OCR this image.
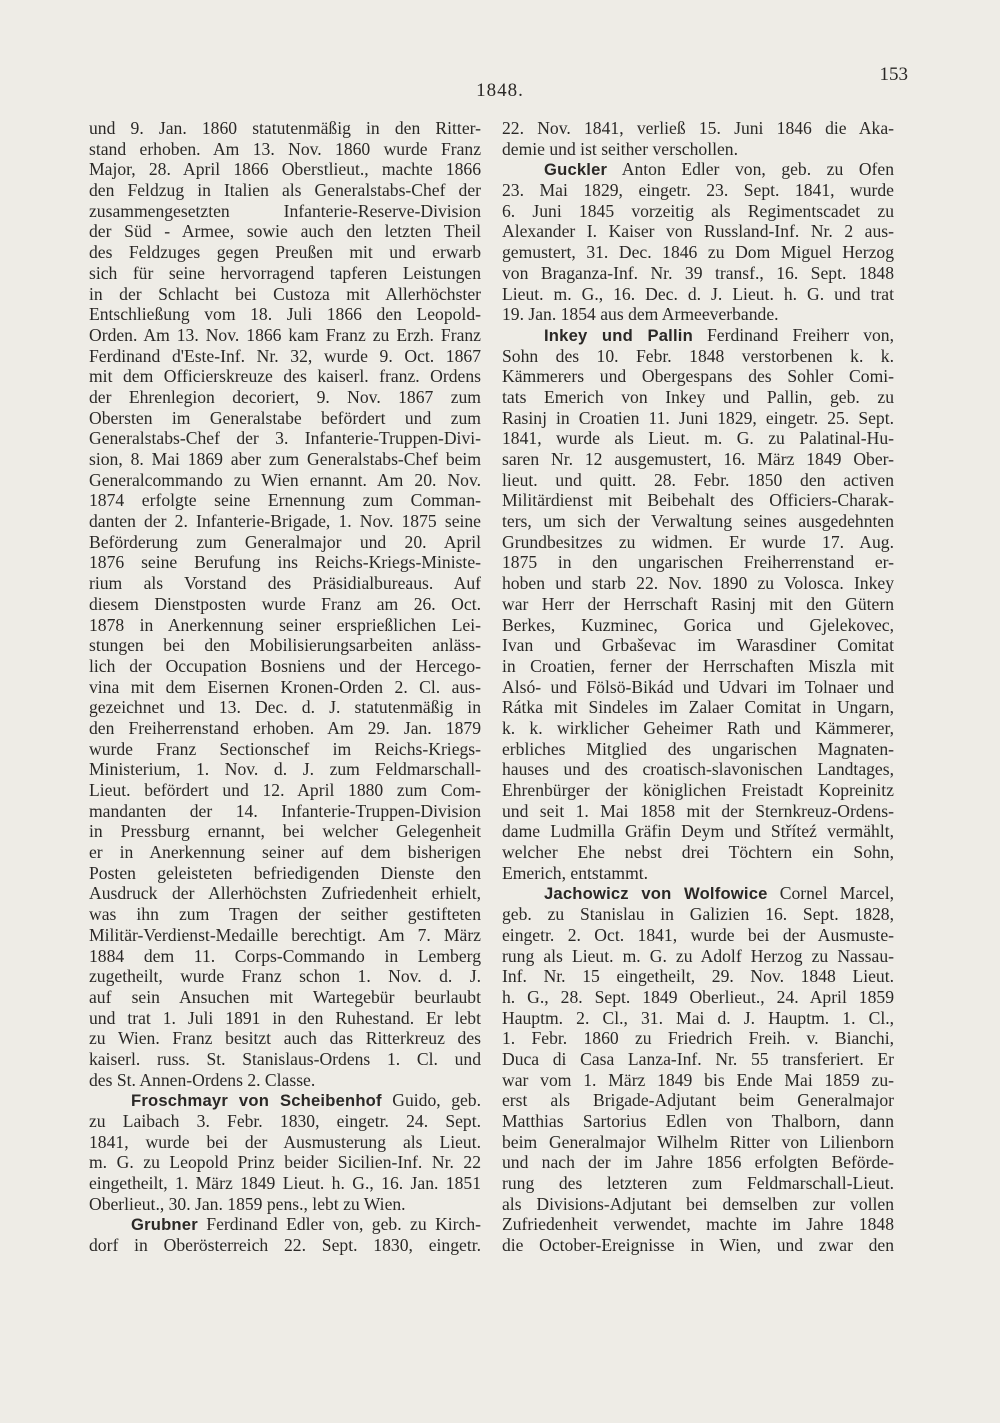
1848.
153
und 9. Jan. 1860 statutenmäßig in den Ritter-
stand erhoben. Am 13. Nov. 1860 wurde Franz
Major, 28. April 1866 Oberstlieut., machte 1866
den Feldzug in Italien als Generalstabs-Chef der
zusammengesetzten Infanterie-Reserve-Division
der Süd - Armee, sowie auch den letzten Theil
des Feldzuges gegen Preußen mit und erwarb
sich für seine hervorragend tapferen Leistungen
in der Schlacht bei Custoza mit Allerhöchster
Entschließung vom 18. Juli 1866 den Leopold-
Orden. Am 13. Nov. 1866 kam Franz zu Erzh. Franz
Ferdinand d'Este-Inf. Nr. 32, wurde 9. Oct. 1867
mit dem Officierskreuze des kaiserl. franz. Ordens
der Ehrenlegion decoriert, 9. Nov. 1867 zum
Obersten im Generalstabe befördert und zum
Generalstabs-Chef der 3. Infanterie-Truppen-Divi-
sion, 8. Mai 1869 aber zum Generalstabs-Chef beim
Generalcommando zu Wien ernannt. Am 20. Nov.
1874 erfolgte seine Ernennung zum Comman-
danten der 2. Infanterie-Brigade, 1. Nov. 1875 seine
Beförderung zum Generalmajor und 20. April
1876 seine Berufung ins Reichs-Kriegs-Ministe-
rium als Vorstand des Präsidialbureaus. Auf
diesem Dienstposten wurde Franz am 26. Oct.
1878 in Anerkennung seiner ersprießlichen Lei-
stungen bei den Mobilisierungsarbeiten anläss-
lich der Occupation Bosniens und der Hercego-
vina mit dem Eisernen Kronen-Orden 2. Cl. aus-
gezeichnet und 13. Dec. d. J. statutenmäßig in
den Freiherrenstand erhoben. Am 29. Jan. 1879
wurde Franz Sectionschef im Reichs-Kriegs-
Ministerium, 1. Nov. d. J. zum Feldmarschall-
Lieut. befördert und 12. April 1880 zum Com-
mandanten der 14. Infanterie-Truppen-Division
in Pressburg ernannt, bei welcher Gelegenheit
er in Anerkennung seiner auf dem bisherigen
Posten geleisteten befriedigenden Dienste den
Ausdruck der Allerhöchsten Zufriedenheit erhielt,
was ihn zum Tragen der seither gestifteten
Militär-Verdienst-Medaille berechtigt. Am 7. März
1884 dem 11. Corps-Commando in Lemberg
zugetheilt, wurde Franz schon 1. Nov. d. J.
auf sein Ansuchen mit Wartegebür beurlaubt
und trat 1. Juli 1891 in den Ruhestand. Er lebt
zu Wien. Franz besitzt auch das Ritterkreuz des
kaiserl. russ. St. Stanislaus-Ordens 1. Cl. und
des St. Annen-Ordens 2. Classe.
Froschmayr von Scheibenhof Guido, geb.
zu Laibach 3. Febr. 1830, eingetr. 24. Sept.
1841, wurde bei der Ausmusterung als Lieut.
m. G. zu Leopold Prinz beider Sicilien-Inf. Nr. 22
eingetheilt, 1. März 1849 Lieut. h. G., 16. Jan. 1851
Oberlieut., 30. Jan. 1859 pens., lebt zu Wien.
Grubner Ferdinand Edler von, geb. zu Kirch-
dorf in Oberösterreich 22. Sept. 1830, eingetr.
22. Nov. 1841, verließ 15. Juni 1846 die Aka-
demie und ist seither verschollen.
Guckler Anton Edler von, geb. zu Ofen
23. Mai 1829, eingetr. 23. Sept. 1841, wurde
6. Juni 1845 vorzeitig als Regimentscadet zu
Alexander I. Kaiser von Russland-Inf. Nr. 2 aus-
gemustert, 31. Dec. 1846 zu Dom Miguel Herzog
von Braganza-Inf. Nr. 39 transf., 16. Sept. 1848
Lieut. m. G., 16. Dec. d. J. Lieut. h. G. und trat
19. Jan. 1854 aus dem Armeeverbande.
Inkey und Pallin Ferdinand Freiherr von,
Sohn des 10. Febr. 1848 verstorbenen k. k.
Kämmerers und Obergespans des Sohler Comi-
tats Emerich von Inkey und Pallin, geb. zu
Rasinj in Croatien 11. Juni 1829, eingetr. 25. Sept.
1841, wurde als Lieut. m. G. zu Palatinal-Hu-
saren Nr. 12 ausgemustert, 16. März 1849 Ober-
lieut. und quitt. 28. Febr. 1850 den activen
Militärdienst mit Beibehalt des Officiers-Charak-
ters, um sich der Verwaltung seines ausgedehnten
Grundbesitzes zu widmen. Er wurde 17. Aug.
1875 in den ungarischen Freiherrenstand er-
hoben und starb 22. Nov. 1890 zu Volosca. Inkey
war Herr der Herrschaft Rasinj mit den Gütern
Berkes, Kuzminec, Gorica und Gjelekovec,
Ivan und Grbaševac im Warasdiner Comitat
in Croatien, ferner der Herrschaften Miszla mit
Alsó- und Fölsö-Bikád und Udvari im Tolnaer und
Rátka mit Sindeles im Zalaer Comitat in Ungarn,
k. k. wirklicher Geheimer Rath und Kämmerer,
erbliches Mitglied des ungarischen Magnaten-
hauses und des croatisch-slavonischen Landtages,
Ehrenbürger der königlichen Freistadt Kopreinitz
und seit 1. Mai 1858 mit der Sternkreuz-Ordens-
dame Ludmilla Gräfin Deym und Stříteź vermählt,
welcher Ehe nebst drei Töchtern ein Sohn,
Emerich, entstammt.
Jachowicz von Wolfowice Cornel Marcel,
geb. zu Stanislau in Galizien 16. Sept. 1828,
eingetr. 2. Oct. 1841, wurde bei der Ausmuste-
rung als Lieut. m. G. zu Adolf Herzog zu Nassau-
Inf. Nr. 15 eingetheilt, 29. Nov. 1848 Lieut.
h. G., 28. Sept. 1849 Oberlieut., 24. April 1859
Hauptm. 2. Cl., 31. Mai d. J. Hauptm. 1. Cl.,
1. Febr. 1860 zu Friedrich Freih. v. Bianchi,
Duca di Casa Lanza-Inf. Nr. 55 transferiert. Er
war vom 1. März 1849 bis Ende Mai 1859 zu-
erst als Brigade-Adjutant beim Generalmajor
Matthias Sartorius Edlen von Thalborn, dann
beim Generalmajor Wilhelm Ritter von Lilienborn
und nach der im Jahre 1856 erfolgten Beförde-
rung des letzteren zum Feldmarschall-Lieut.
als Divisions-Adjutant bei demselben zur vollen
Zufriedenheit verwendet, machte im Jahre 1848
die October-Ereignisse in Wien, und zwar den
